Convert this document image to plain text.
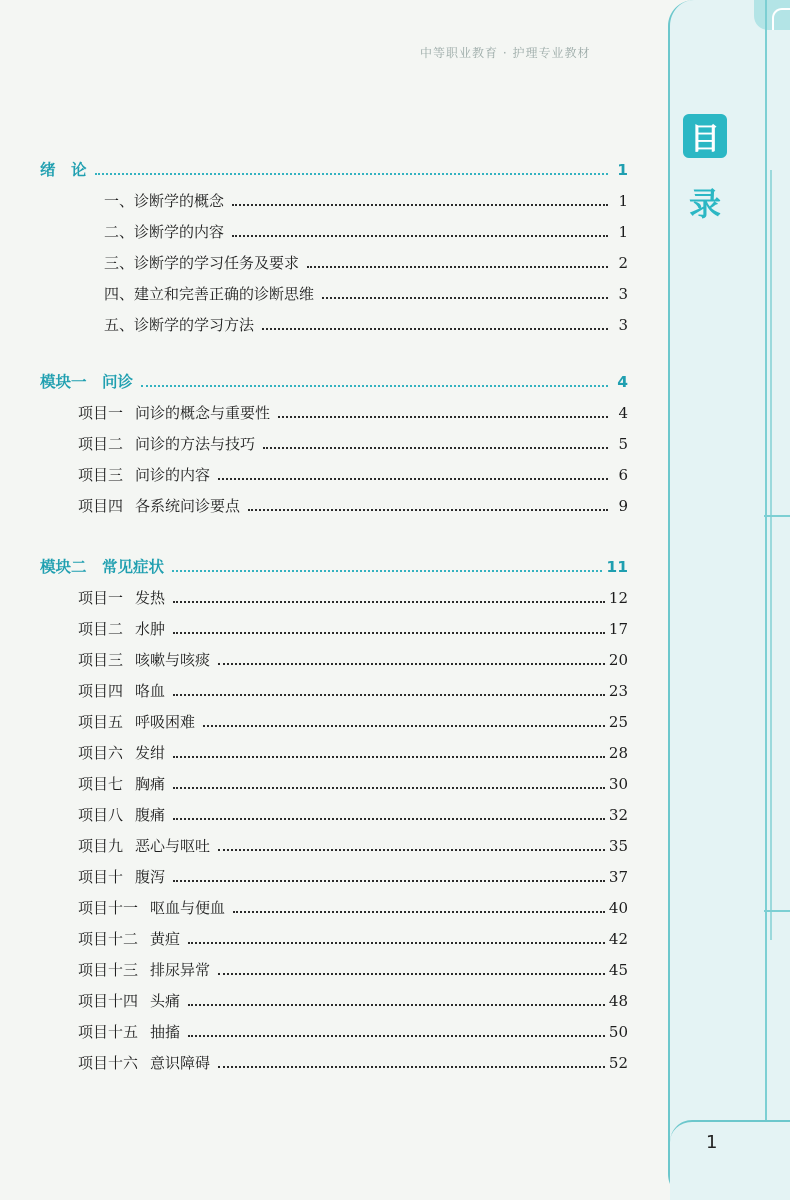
中等职业教育 · 护理专业教材
目
录
绪　论	1
一、诊断学的概念	1
二、诊断学的内容	1
三、诊断学的学习任务及要求	2
四、建立和完善正确的诊断思维	3
五、诊断学的学习方法	3
模块一　问诊	4
项目一 问诊的概念与重要性	4
项目二 问诊的方法与技巧	5
项目三 问诊的内容	6
项目四 各系统问诊要点	9
模块二　常见症状	11
项目一 发热	12
项目二 水肿	17
项目三 咳嗽与咳痰	20
项目四 咯血	23
项目五 呼吸困难	25
项目六 发绀	28
项目七 胸痛	30
项目八 腹痛	32
项目九 恶心与呕吐	35
项目十 腹泻	37
项目十一 呕血与便血	40
项目十二 黄疸	42
项目十三 排尿异常	45
项目十四 头痛	48
项目十五 抽搐	50
项目十六 意识障碍	52
1
